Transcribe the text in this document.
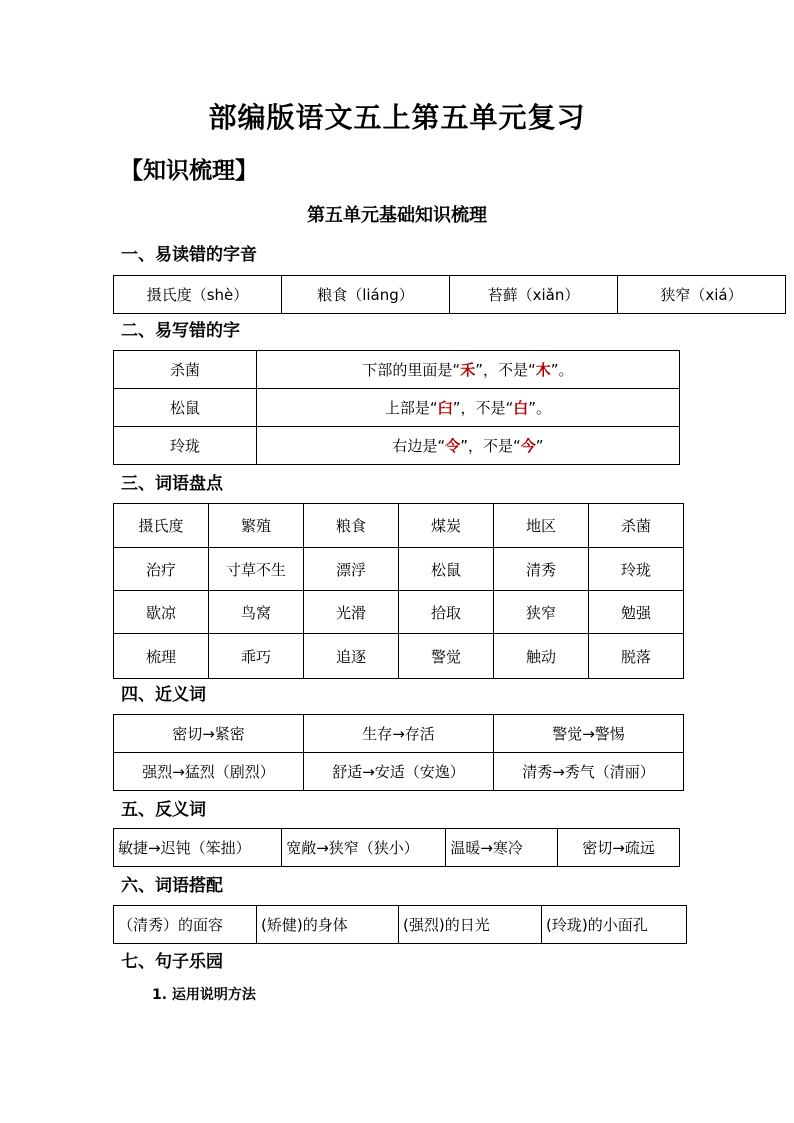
部编版语文五上第五单元复习
【知识梳理】
第五单元基础知识梳理
一、易读错的字音
摄氏度（shè）	粮食（liáng）	苔藓（xiǎn）	狭窄（xiá）
二、易写错的字
杀菌	下部的里面是“禾”，不是“木”。
松鼠	上部是“臼”，不是“白”。
玲珑	右边是“令”，不是“今”
三、词语盘点
摄氏度	繁殖	粮食	煤炭	地区	杀菌
治疗	寸草不生	漂浮	松鼠	清秀	玲珑
歇凉	鸟窝	光滑	拾取	狭窄	勉强
梳理	乖巧	追逐	警觉	触动	脱落
四、近义词
密切→紧密	生存→存活	警觉→警惕
强烈→猛烈（剧烈）	舒适→安适（安逸）	清秀→秀气（清丽）
五、反义词
敏捷→迟钝（笨拙）	宽敞→狭窄（狭小）	温暖→寒冷	密切→疏远
六、词语搭配
（清秀）的面容	(矫健)的身体	(强烈)的日光	(玲珑)的小面孔
七、句子乐园
1. 运用说明方法
